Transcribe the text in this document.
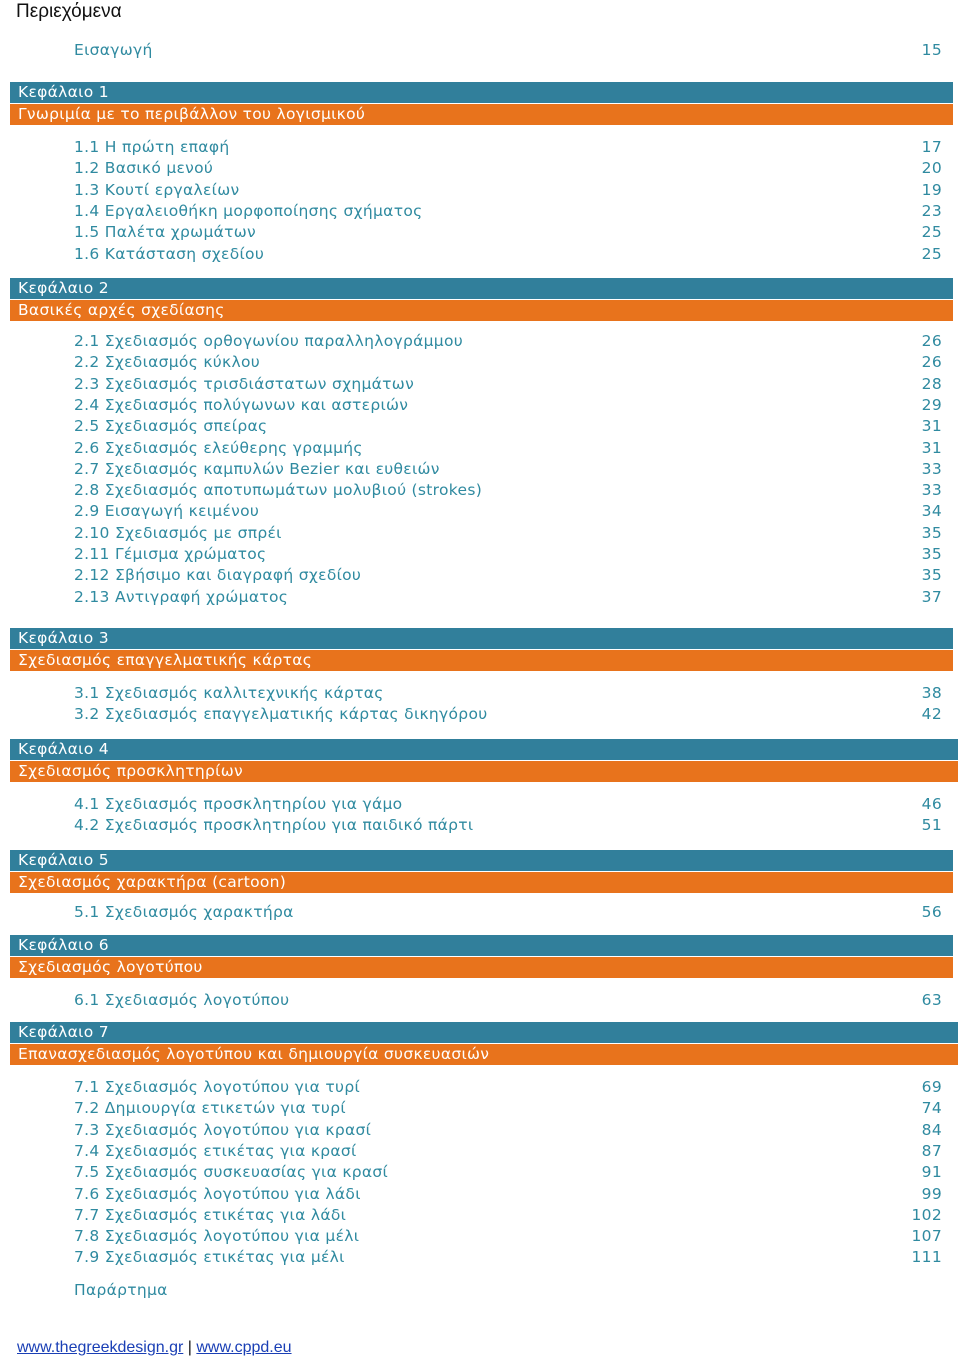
Περιεχόμενα
Εισαγωγή	15
Κεφάλαιο 1
Γνωριμία με το περιβάλλον του λογισμικού
1.1 Η πρώτη επαφή	17
1.2 Βασικό μενού	20
1.3 Κουτί εργαλείων	19
1.4 Εργαλειοθήκη μορφοποίησης σχήματος	23
1.5 Παλέτα χρωμάτων	25
1.6 Κατάσταση σχεδίου	25
Κεφάλαιο 2
Βασικές αρχές σχεδίασης
2.1 Σχεδιασμός ορθογωνίου παραλληλογράμμου	26
2.2 Σχεδιασμός κύκλου	26
2.3 Σχεδιασμός τρισδιάστατων σχημάτων	28
2.4 Σχεδιασμός πολύγωνων και αστεριών	29
2.5 Σχεδιασμός σπείρας	31
2.6 Σχεδιασμός ελεύθερης γραμμής	31
2.7 Σχεδιασμός καμπυλών Bezier και ευθειών	33
2.8 Σχεδιασμός αποτυπωμάτων μολυβιού (strokes)	33
2.9 Εισαγωγή κειμένου	34
2.10 Σχεδιασμός με σπρέι	35
2.11 Γέμισμα χρώματος	35
2.12 Σβήσιμο και διαγραφή σχεδίου	35
2.13 Αντιγραφή χρώματος	37
Κεφάλαιο 3
Σχεδιασμός επαγγελματικής κάρτας
3.1 Σχεδιασμός καλλιτεχνικής κάρτας	38
3.2 Σχεδιασμός επαγγελματικής κάρτας δικηγόρου	42
Κεφάλαιο 4
Σχεδιασμός προσκλητηρίων
4.1 Σχεδιασμός προσκλητηρίου για γάμο	46
4.2 Σχεδιασμός προσκλητηρίου για παιδικό πάρτι	51
Κεφάλαιο 5
Σχεδιασμός χαρακτήρα (cartoon)
5.1 Σχεδιασμός χαρακτήρα	56
Κεφάλαιο 6
Σχεδιασμός λογοτύπου
6.1 Σχεδιασμός λογοτύπου	63
Κεφάλαιο 7
Επανασχεδιασμός λογοτύπου και δημιουργία συσκευασιών
7.1 Σχεδιασμός λογοτύπου για τυρί	69
7.2 Δημιουργία ετικετών για τυρί	74
7.3 Σχεδιασμός λογοτύπου για κρασί	84
7.4 Σχεδιασμός ετικέτας για κρασί	87
7.5 Σχεδιασμός συσκευασίας για κρασί	91
7.6 Σχεδιασμός λογοτύπου για λάδι	99
7.7 Σχεδιασμός ετικέτας για λάδι	102
7.8 Σχεδιασμός λογοτύπου για μέλι	107
7.9 Σχεδιασμός ετικέτας για μέλι	111
Παράρτημα
www.thegreekdesign.gr | www.cppd.eu
